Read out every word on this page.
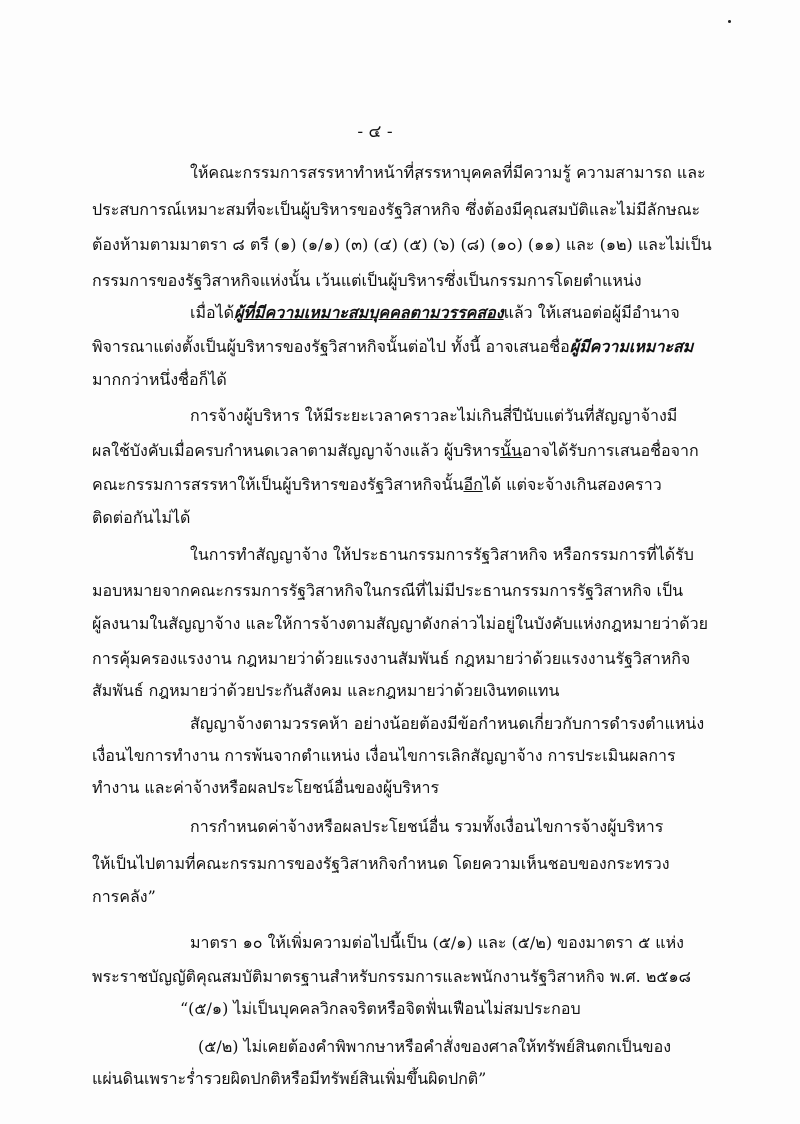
- ๔ -
ให้คณะกรรมการสรรหาทำหน้าที่สรรหาบุคคลที่มีความรู้ ความสามารถ และ
ประสบการณ์เหมาะสมที่จะเป็นผู้บริหารของรัฐวิสาหกิจ ซึ่งต้องมีคุณสมบัติและไม่มีลักษณะ
ต้องห้ามตามมาตรา ๘ ตรี (๑) (๑/๑) (๓) (๔) (๕) (๖) (๘) (๑๐) (๑๑) และ (๑๒) และไม่เป็น
กรรมการของรัฐวิสาหกิจแห่งนั้น เว้นแต่เป็นผู้บริหารซึ่งเป็นกรรมการโดยตำแหน่ง
เมื่อได้ผู้ที่มีความเหมาะสมบุคคลตามวรรคสองแล้ว ให้เสนอต่อผู้มีอำนาจ
พิจารณาแต่งตั้งเป็นผู้บริหารของรัฐวิสาหกิจนั้นต่อไป ทั้งนี้ อาจเสนอชื่อผู้มีความเหมาะสม
มากกว่าหนึ่งชื่อก็ได้
การจ้างผู้บริหาร ให้มีระยะเวลาคราวละไม่เกินสี่ปีนับแต่วันที่สัญญาจ้างมี
ผลใช้บังคับเมื่อครบกำหนดเวลาตามสัญญาจ้างแล้ว ผู้บริหารนั้นอาจได้รับการเสนอชื่อจาก
คณะกรรมการสรรหาให้เป็นผู้บริหารของรัฐวิสาหกิจนั้นอีกได้ แต่จะจ้างเกินสองคราว
ติดต่อกันไม่ได้
ในการทำสัญญาจ้าง ให้ประธานกรรมการรัฐวิสาหกิจ หรือกรรมการที่ได้รับ
มอบหมายจากคณะกรรมการรัฐวิสาหกิจในกรณีที่ไม่มีประธานกรรมการรัฐวิสาหกิจ เป็น
ผู้ลงนามในสัญญาจ้าง และให้การจ้างตามสัญญาดังกล่าวไม่อยู่ในบังคับแห่งกฎหมายว่าด้วย
การคุ้มครองแรงงาน กฎหมายว่าด้วยแรงงานสัมพันธ์ กฎหมายว่าด้วยแรงงานรัฐวิสาหกิจ
สัมพันธ์ กฎหมายว่าด้วยประกันสังคม และกฎหมายว่าด้วยเงินทดแทน
สัญญาจ้างตามวรรคห้า อย่างน้อยต้องมีข้อกำหนดเกี่ยวกับการดำรงตำแหน่ง
เงื่อนไขการทำงาน การพ้นจากตำแหน่ง เงื่อนไขการเลิกสัญญาจ้าง การประเมินผลการ
ทำงาน และค่าจ้างหรือผลประโยชน์อื่นของผู้บริหาร
การกำหนดค่าจ้างหรือผลประโยชน์อื่น รวมทั้งเงื่อนไขการจ้างผู้บริหาร
ให้เป็นไปตามที่คณะกรรมการของรัฐวิสาหกิจกำหนด โดยความเห็นชอบของกระทรวง
การคลัง”
มาตรา ๑๐ ให้เพิ่มความต่อไปนี้เป็น (๕/๑) และ (๕/๒) ของมาตรา ๕ แห่ง
พระราชบัญญัติคุณสมบัติมาตรฐานสำหรับกรรมการและพนักงานรัฐวิสาหกิจ พ.ศ. ๒๕๑๘
“(๕/๑) ไม่เป็นบุคคลวิกลจริตหรือจิตฟั่นเฟือนไม่สมประกอบ
(๕/๒) ไม่เคยต้องคำพิพากษาหรือคำสั่งของศาลให้ทรัพย์สินตกเป็นของ
แผ่นดินเพราะร่ำรวยผิดปกติหรือมีทรัพย์สินเพิ่มขึ้นผิดปกติ”
